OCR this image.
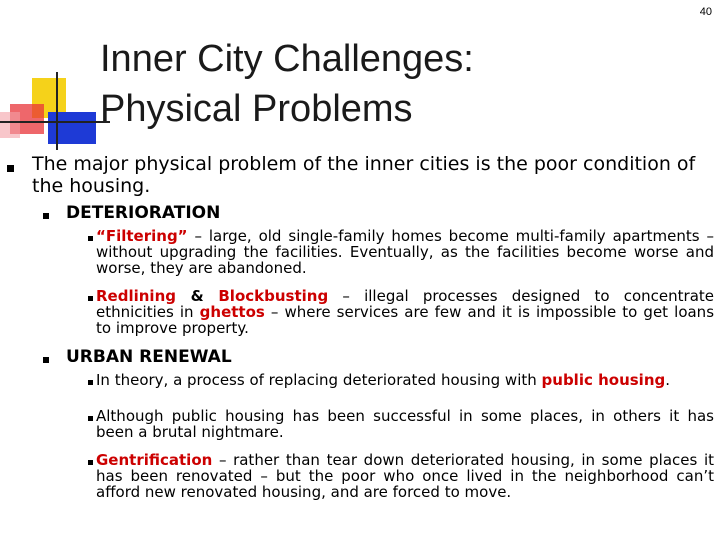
40
Inner City Challenges:
Physical Problems
The major physical problem of the inner cities is the poor condition of the housing.
DETERIORATION
“Filtering” – large, old single-family homes become multi-family apartments – without upgrading the facilities. Eventually, as the facilities become worse and worse, they are abandoned.
Redlining & Blockbusting – illegal processes designed to concentrate ethnicities in ghettos – where services are few and it is impossible to get loans to improve property.
URBAN RENEWAL
In theory, a process of replacing deteriorated housing with public housing.
Although public housing has been successful in some places, in others it has been a brutal nightmare.
Gentrification – rather than tear down deteriorated housing, in some places it has been renovated – but the poor who once lived in the neighborhood can’t afford new renovated housing, and are forced to move.
